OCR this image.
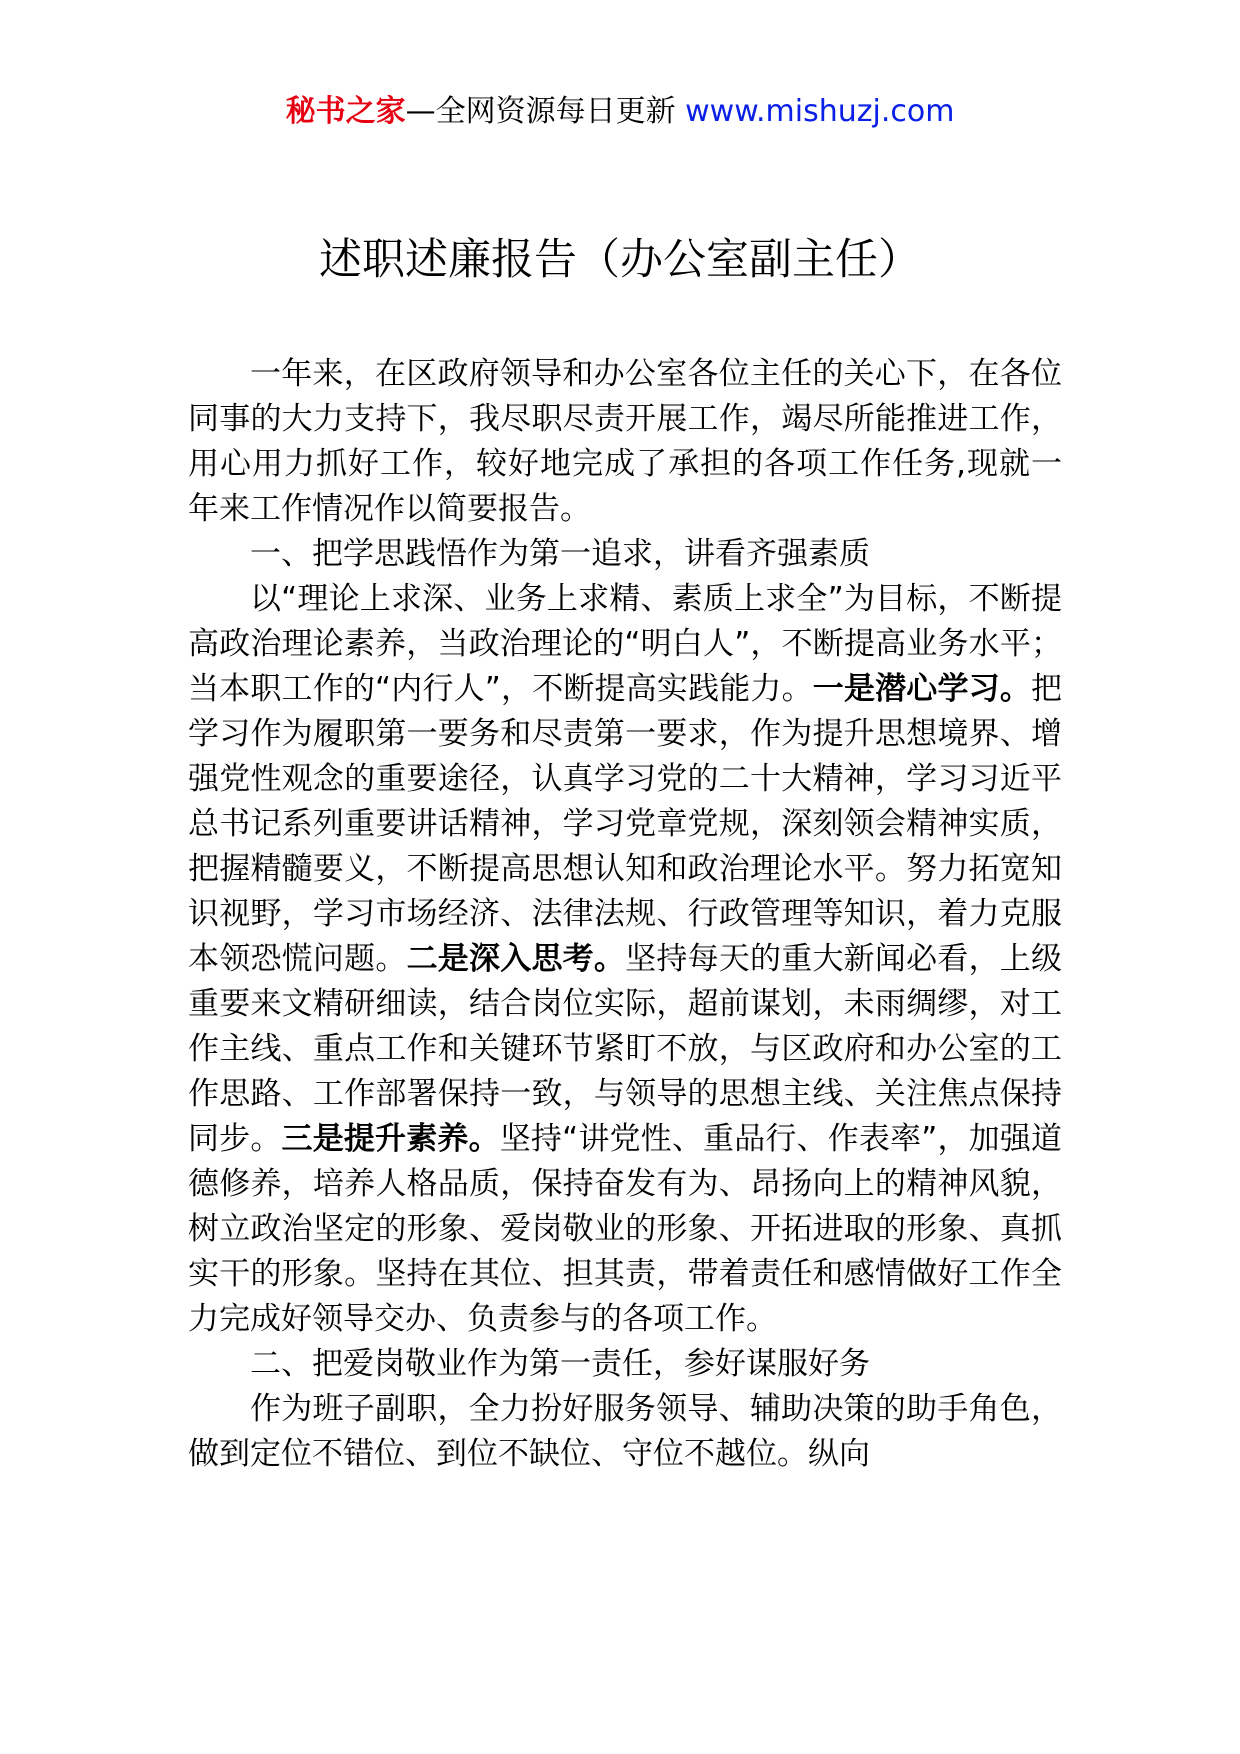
秘书之家—全网资源每日更新 www.mishuzj.com
述职述廉报告（办公室副主任）

一年来，在区政府领导和办公室各位主任的关心下，在各位同事的大力支持下，我尽职尽责开展工作，竭尽所能推进工作，用心用力抓好工作，较好地完成了承担的各项工作任务,现就一年来工作情况作以简要报告。

一、把学思践悟作为第一追求，讲看齐强素质

以“理论上求深、业务上求精、素质上求全”为目标，不断提高政治理论素养，当政治理论的“明白人”，不断提高业务水平；当本职工作的“内行人”，不断提高实践能力。一是潜心学习。把学习作为履职第一要务和尽责第一要求，作为提升思想境界、增强党性观念的重要途径，认真学习党的二十大精神，学习习近平总书记系列重要讲话精神，学习党章党规，深刻领会精神实质，把握精髓要义，不断提高思想认知和政治理论水平。努力拓宽知识视野，学习市场经济、法律法规、行政管理等知识，着力克服本领恐慌问题。二是深入思考。坚持每天的重大新闻必看，上级重要来文精研细读，结合岗位实际，超前谋划，未雨绸缪，对工作主线、重点工作和关键环节紧盯不放，与区政府和办公室的工作思路、工作部署保持一致，与领导的思想主线、关注焦点保持同步。三是提升素养。坚持“讲党性、重品行、作表率”，加强道德修养，培养人格品质，保持奋发有为、昂扬向上的精神风貌，树立政治坚定的形象、爱岗敬业的形象、开拓进取的形象、真抓实干的形象。坚持在其位、担其责，带着责任和感情做好工作全力完成好领导交办、负责参与的各项工作。

二、把爱岗敬业作为第一责任，参好谋服好务

作为班子副职，全力扮好服务领导、辅助决策的助手角色，做到定位不错位、到位不缺位、守位不越位。纵向
